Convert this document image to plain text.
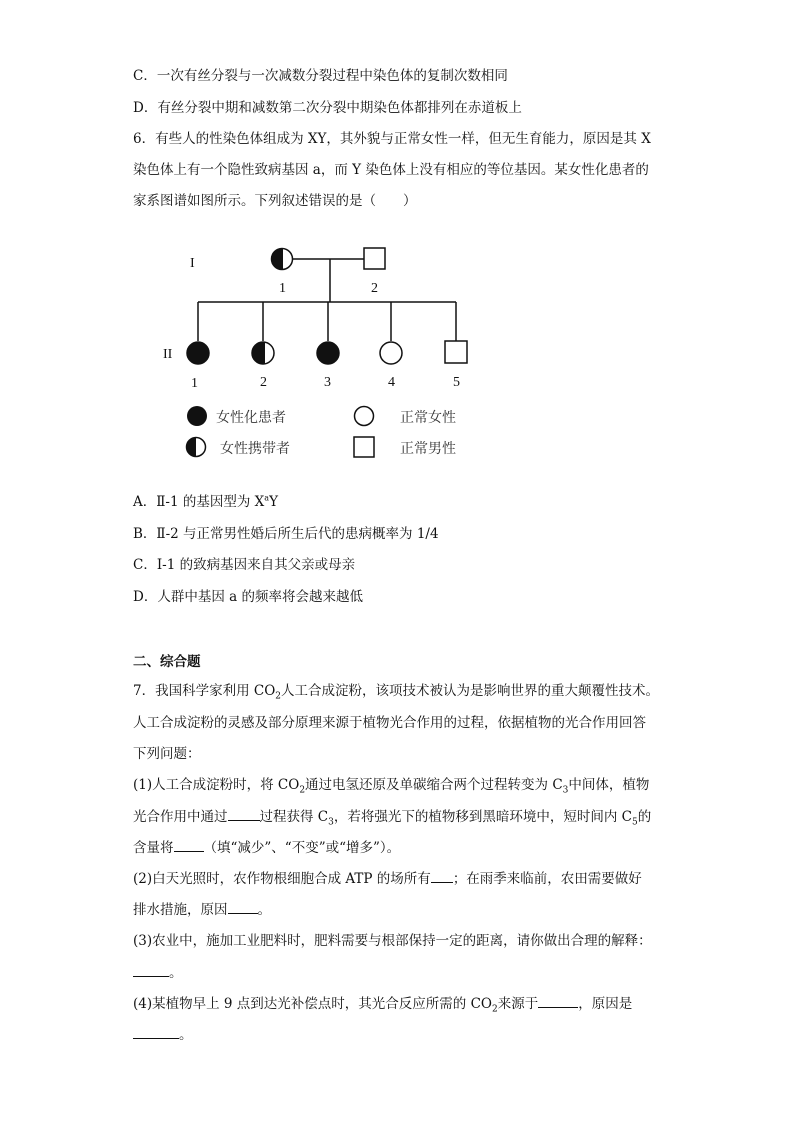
C．一次有丝分裂与一次减数分裂过程中染色体的复制次数相同
D．有丝分裂中期和减数第二次分裂中期染色体都排列在赤道板上
6．有些人的性染色体组成为 XY，其外貌与正常女性一样，但无生育能力，原因是其 X
染色体上有一个隐性致病基因 a，而 Y 染色体上没有相应的等位基因。某女性化患者的
家系图谱如图所示。下列叙述错误的是（　　）
I
II
1	2
1	2	3	4	5
女性化患者	正常女性
女性携带者	正常男性
A．Ⅱ-1 的基因型为 $X^aY$
B．Ⅱ-2 与正常男性婚后所生后代的患病概率为 1/4
C．I-1 的致病基因来自其父亲或母亲
D．人群中基因 a 的频率将会越来越低
二、综合题
7．我国科学家利用 $CO_2$人工合成淀粉，该项技术被认为是影响世界的重大颠覆性技术。
人工合成淀粉的灵感及部分原理来源于植物光合作用的过程，依据植物的光合作用回答
下列问题：
(1)人工合成淀粉时，将 $CO_2$通过电氢还原及单碳缩合两个过程转变为 $C_3$中间体，植物
光合作用中通过 过程获得 $C_3$，若将强光下的植物移到黑暗环境中，短时间内 $C_5$的
含量将 （填“减少”、“不变”或“增多”）。
(2)白天光照时，农作物根细胞合成 ATP 的场所有 ；在雨季来临前，农田需要做好
排水措施，原因 。
(3)农业中，施加工业肥料时，肥料需要与根部保持一定的距离，请你做出合理的解释：
。
(4)某植物早上 9 点到达光补偿点时，其光合反应所需的 $CO_2$来源于	，原因是
。
